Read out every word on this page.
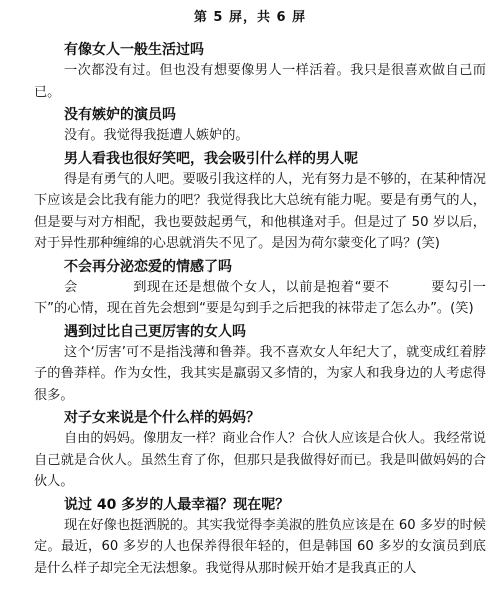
第 5 屏，共 6 屏

有像女人一般生活过吗

一次都没有过。但也没有想要像男人一样活着。我只是很喜欢做自己而已。

没有嫉妒的演员吗

没有。我觉得我挺遭人嫉妒的。

男人看我也很好笑吧，我会吸引什么样的男人呢

得是有勇气的人吧。要吸引我这样的人，光有努力是不够的，在某种情况下应该是会比我有能力的吧？我觉得我比大总统有能力呢。要是有勇气的人，但是要与对方相配，我也要鼓起勇气，和他棋逢对手。但是过了 50 岁以后，对于异性那种缠绵的心思就消失不见了。是因为荷尔蒙变化了吗？(笑)

不会再分泌恋爱的情感了吗

会　　　　到现在还是想做个女人，以前是抱着“要不　　　要勾引一下”的心情，现在首先会想到“要是勾到手之后把我的袜带走了怎么办”。(笑)

遇到过比自己更厉害的女人吗

这个‘厉害’可不是指浅薄和鲁莽。我不喜欢女人年纪大了，就变成红着脖子的鲁莽样。作为女性，我其实是羸弱又多情的，为家人和我身边的人考虑得很多。

对子女来说是个什么样的妈妈？

自由的妈妈。像朋友一样？商业合作人？合伙人应该是合伙人。我经常说自己就是合伙人。虽然生育了你，但那只是我做得好而已。我是叫做妈妈的合伙人。

说过 40 多岁的人最幸福？现在呢？

现在好像也挺洒脱的。其实我觉得李美淑的胜负应该是在 60 多岁的时候定。最近，60 多岁的人也保养得很年轻的，但是韩国 60 多岁的女演员到底是什么样子却完全无法想象。我觉得从那时候开始才是我真正的人
